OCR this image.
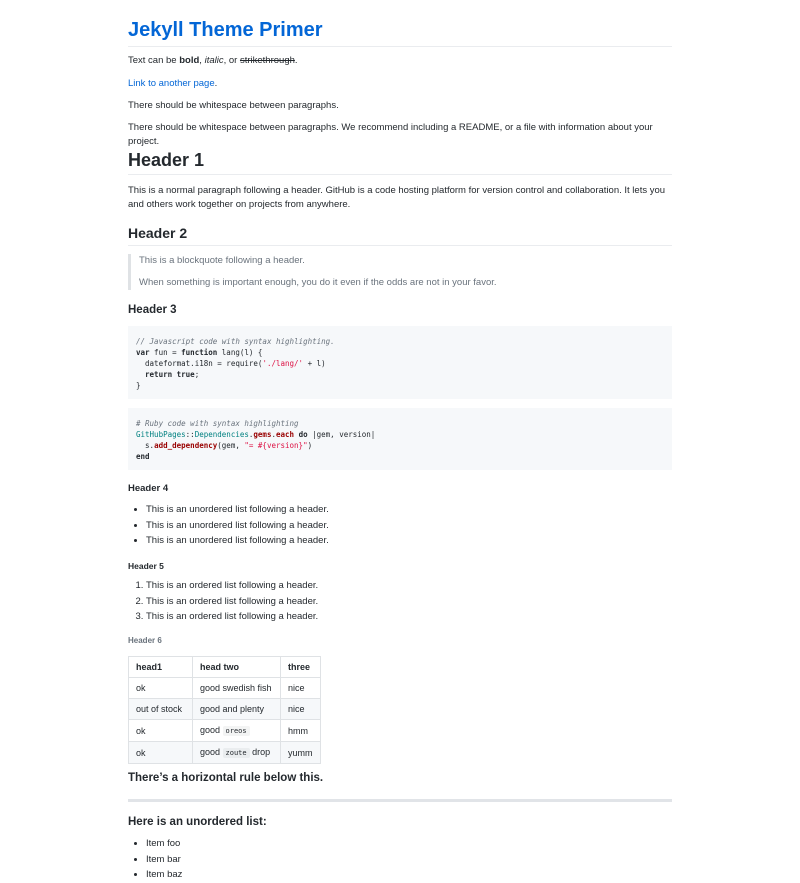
Jekyll Theme Primer

Text can be bold, italic, or strikethrough.

Link to another page.

There should be whitespace between paragraphs.

There should be whitespace between paragraphs. We recommend including a README, or a file with information about your project.

Header 1

This is a normal paragraph following a header. GitHub is a code hosting platform for version control and collaboration. It lets you and others work together on projects from anywhere.

Header 2

This is a blockquote following a header.

When something is important enough, you do it even if the odds are not in your favor.

Header 3
// Javascript code with syntax highlighting.
var fun = function lang(l) {
dateformat.i18n = require('./lang/' + l)
return true;
}
# Ruby code with syntax highlighting
GitHubPages::Dependencies.gems.each do |gem, version|
s.add_dependency(gem, "= #{version}")
end
Header 4
• This is an unordered list following a header.
• This is an unordered list following a header.
• This is an unordered list following a header.
Header 5
1. This is an ordered list following a header.
2. This is an ordered list following a header.
3. This is an ordered list following a header.
Header 6
head1	head two	three
ok	good swedish fish	nice
out of stock	good and plenty	nice
ok	good oreos	hmm
ok	good zoute drop	yumm
There’s a horizontal rule below this.
Here is an unordered list:
• Item foo
• Item bar
• Item baz
